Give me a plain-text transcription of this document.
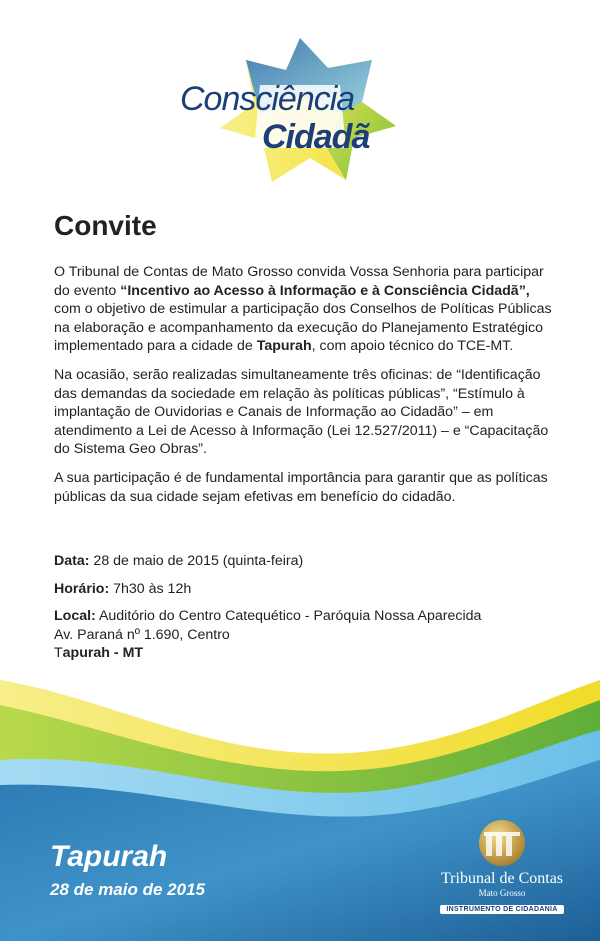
Consciência
Cidadã
Convite

O Tribunal de Contas de Mato Grosso convida Vossa Senhoria para participar do evento “Incentivo ao Acesso à Informação e à Consciência Cidadã”, com o objetivo de estimular a participação dos Conselhos de Políticas Públicas na elaboração e acompanhamento da execução do Planejamento Estratégico implementado para a cidade de Tapurah, com apoio técnico do TCE-MT.

Na ocasião, serão realizadas simultaneamente três oficinas: de “Identificação das demandas da sociedade em relação às políticas públicas”, “Estímulo à implantação de Ouvidorias e Canais de Informação ao Cidadão” – em atendimento a Lei de Acesso à Informação (Lei 12.527/2011) – e “Capacitação do Sistema Geo Obras”.

A sua participação é de fundamental importância para garantir que as políticas públicas da sua cidade sejam efetivas em benefício do cidadão.

Data: 28 de maio de 2015 (quinta-feira)

Horário: 7h30 às 12h

Local: Auditório do Centro Catequético - Paróquia Nossa Aparecida

Av. Paraná nº 1.690, Centro

Tapurah - MT

Tapurah

28 de maio de 2015

Tribunal de Contas
Mato Grosso
INSTRUMENTO DE CIDADANIA
